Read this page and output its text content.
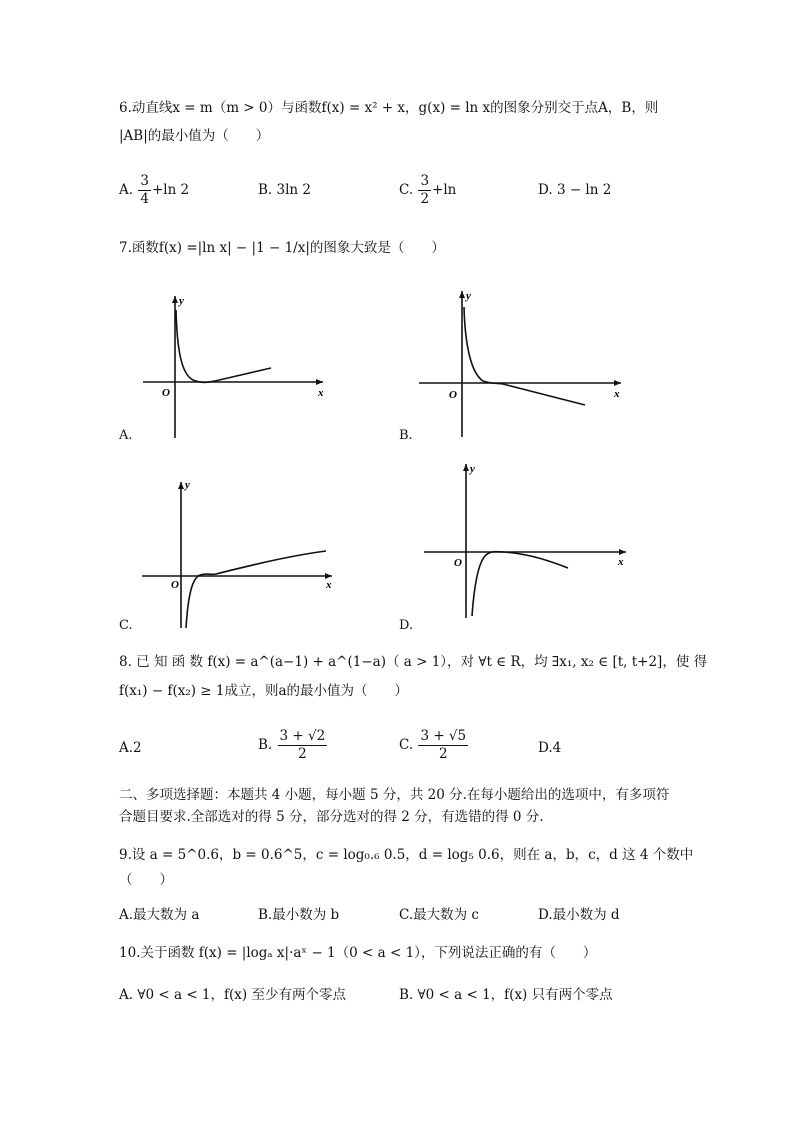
6.动直线x = m（m > 0）与函数f(x) = x² + x，g(x) = ln x的图象分别交于点A，B，则
|AB|的最小值为（　　）
A. $\frac{3}{4} +\ln$ 2	B. 3ln 2	C. $\frac{3}{2} +\ln$	D. 3 − ln 2
7.函数f(x) =|ln x| − |1 − 1/x|的图象大致是（　　）
y
x
O
A.
y
x
O
B.
y
x
O
C.
y
x
O
D.
8. 已 知 函 数 f(x) = a^(a−1) + a^(1−a)（ a > 1），对 ∀t ∈ R，均 ∃x₁, x₂ ∈ [t, t+2]，使 得
f(x₁) − f(x₂) ≥ 1成立，则a的最小值为（　　）
A.2	B. $\frac{3 + √2}{2}$	C. $\frac{3 + √5}{2}$	D.4
二、多项选择题：本题共 4 小题，每小题 5 分，共 20 分.在每小题给出的选项中，有多项符
合题目要求.全部选对的得 5 分，部分选对的得 2 分，有选错的得 0 分.
9.设 a = 5^0.6，b = 0.6^5，c = log₀.₆ 0.5，d = log₅ 0.6，则在 a，b，c，d 这 4 个数中
（　　）
A.最大数为 a	B.最小数为 b	C.最大数为 c	D.最小数为 d
10.关于函数 f(x) = |logₐ x|·aˣ − 1（0 < a < 1），下列说法正确的有（　　）
A. ∀0 < a < 1，f(x) 至少有两个零点	B. ∀0 < a < 1，f(x) 只有两个零点
